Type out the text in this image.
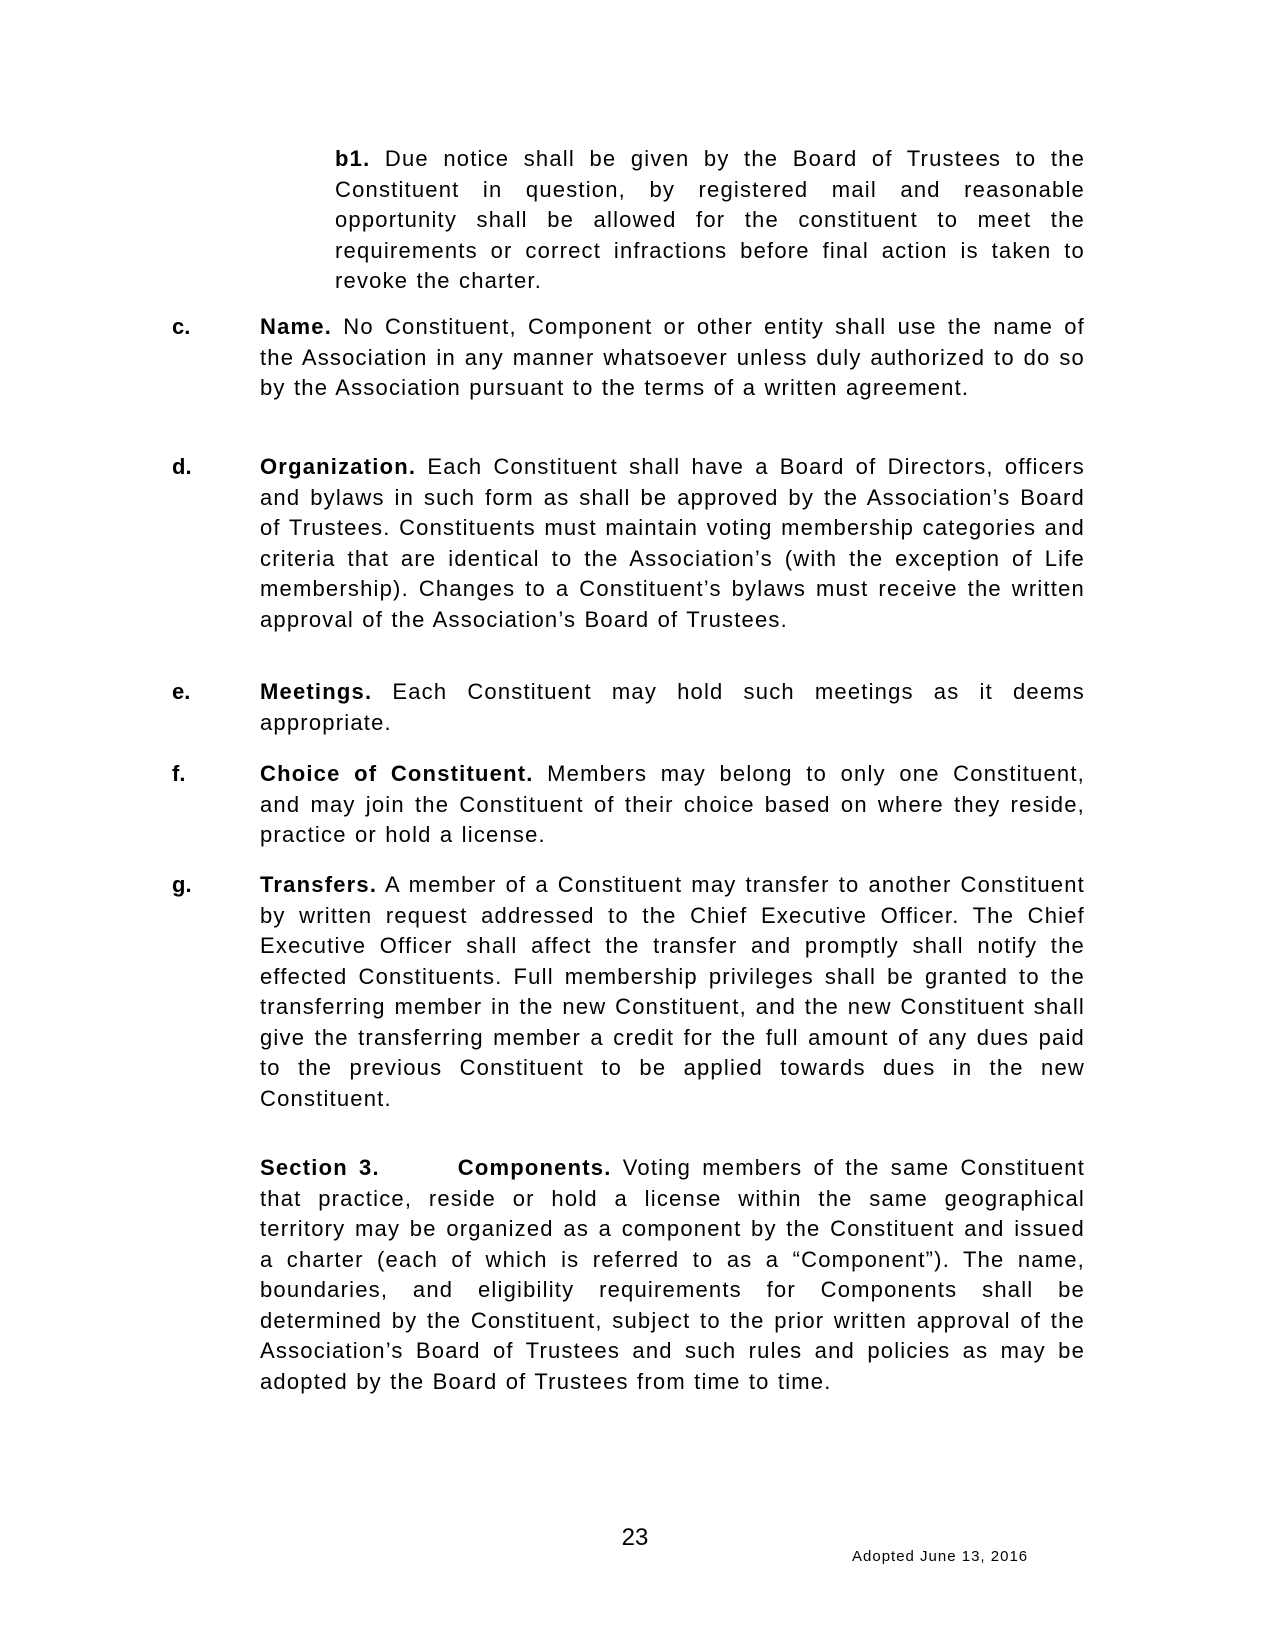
b1. Due notice shall be given by the Board of Trustees to the Constituent in question, by registered mail and reasonable opportunity shall be allowed for the constituent to meet the requirements or correct infractions before final action is taken to revoke the charter.
c.	Name. No Constituent, Component or other entity shall use the name of the Association in any manner whatsoever unless duly authorized to do so by the Association pursuant to the terms of a written agreement.
d.	Organization. Each Constituent shall have a Board of Directors, officers and bylaws in such form as shall be approved by the Association’s Board of Trustees. Constituents must maintain voting membership categories and criteria that are identical to the Association’s (with the exception of Life membership). Changes to a Constituent’s bylaws must receive the written approval of the Association’s Board of Trustees.
e.	Meetings. Each Constituent may hold such meetings as it deems appropriate.
f.	Choice of Constituent. Members may belong to only one Constituent, and may join the Constituent of their choice based on where they reside, practice or hold a license.
g.	Transfers. A member of a Constituent may transfer to another Constituent by written request addressed to the Chief Executive Officer. The Chief Executive Officer shall affect the transfer and promptly shall notify the effected Constituents. Full membership privileges shall be granted to the transferring member in the new Constituent, and the new Constituent shall give the transferring member a credit for the full amount of any dues paid to the previous Constituent to be applied towards dues in the new Constituent.
Section 3.	Components. Voting members of the same Constituent that practice, reside or hold a license within the same geographical territory may be organized as a component by the Constituent and issued a charter (each of which is referred to as a “Component”). The name, boundaries, and eligibility requirements for Components shall be determined by the Constituent, subject to the prior written approval of the Association’s Board of Trustees and such rules and policies as may be adopted by the Board of Trustees from time to time.
23
Adopted June 13, 2016
